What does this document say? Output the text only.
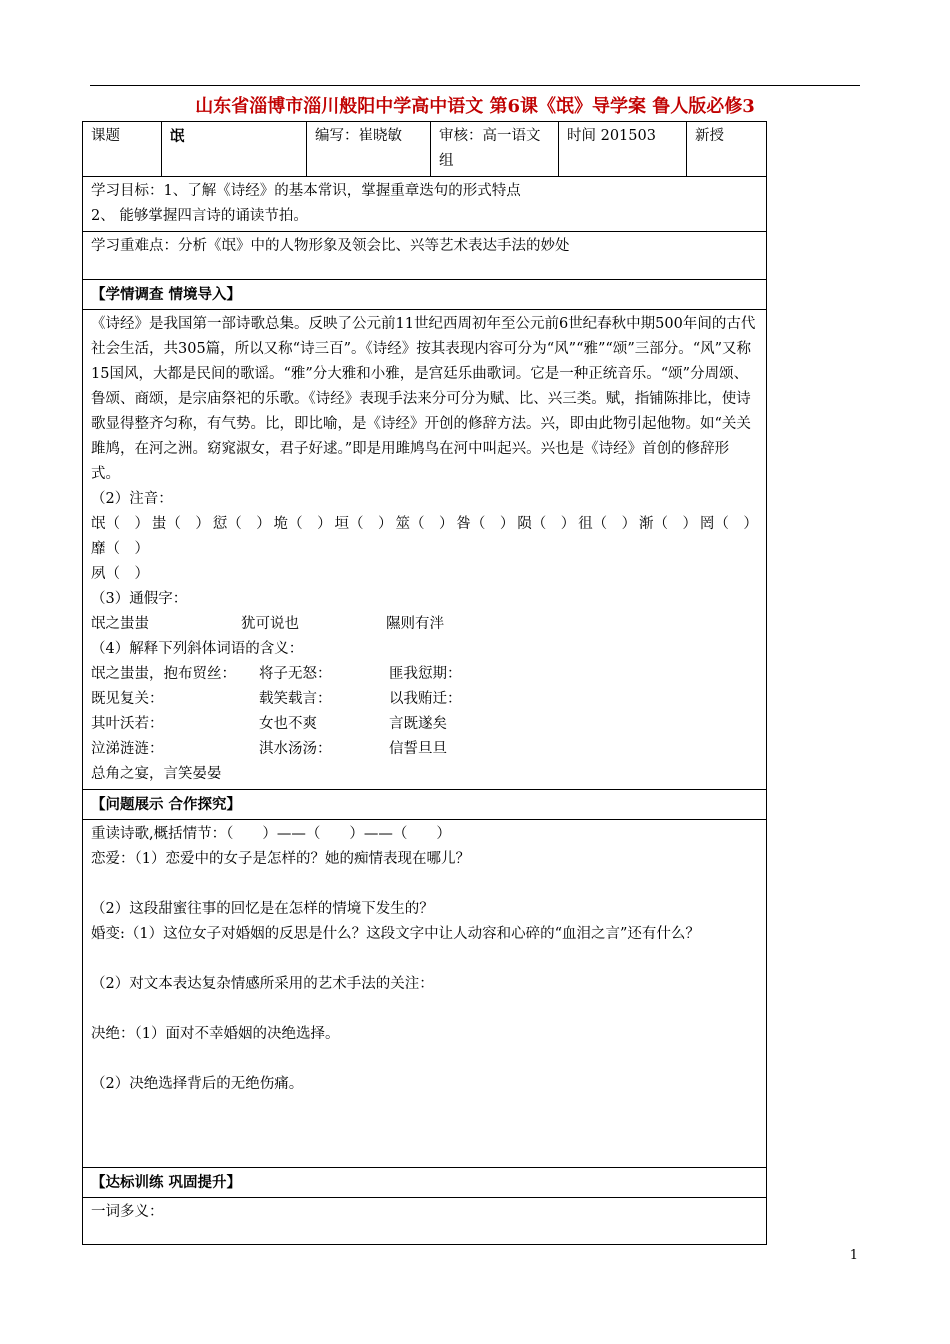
山东省淄博市淄川般阳中学高中语文 第6课《氓》导学案 鲁人版必修3
课题	氓	编写：崔晓敏	审核：高一语文组	时间 201503	新授

学习目标：1、了解《诗经》的基本常识，掌握重章迭句的形式特点
2、 能够掌握四言诗的诵读节拍。

学习重难点：分析《氓》中的人物形象及领会比、兴等艺术表达手法的妙处

【学情调查 情境导入】

《诗经》是我国第一部诗歌总集。反映了公元前11世纪西周初年至公元前6世纪春秋中期500年间的古代社会生活，共305篇，所以又称“诗三百”。《诗经》按其表现内容可分为“风”“雅”“颂”三部分。“风”又称15国风，大都是民间的歌谣。“雅”分大雅和小雅，是宫廷乐曲歌词。它是一种正统音乐。“颂”分周颂、鲁颂、商颂，是宗庙祭祀的乐歌。《诗经》表现手法来分可分为赋、比、兴三类。赋，指铺陈排比，使诗歌显得整齐匀称，有气势。比，即比喻，是《诗经》开创的修辞方法。兴，即由此物引起他物。如“关关雎鸠，在河之洲。窈窕淑女，君子好逑。”即是用雎鸠鸟在河中叫起兴。兴也是《诗经》首创的修辞形式。
（2）注音：
氓（　） 蚩（　） 愆（　） 垝（　） 垣（　） 筮（　） 咎（　） 陨（　） 徂（　） 渐（　） 罔（　）
靡（　）
夙（　）
（3）通假字：
氓之蚩蚩	犹可说也	隰则有泮
（4）解释下列斜体词语的含义：
氓之蚩蚩，抱布贸丝：	将子无怒：	匪我愆期：
既见复关：	载笑载言：	以我贿迁：
其叶沃若：	女也不爽	言既遂矣
泣涕涟涟：	淇水汤汤：	信誓旦旦
总角之宴，言笑晏晏

【问题展示 合作探究】

重读诗歌,概括情节：（　　）——（　　）——（　　）
恋爱：（1）恋爱中的女子是怎样的？她的痴情表现在哪儿？
（2）这段甜蜜往事的回忆是在怎样的情境下发生的？
婚变:（1）这位女子对婚姻的反思是什么？这段文字中让人动容和心碎的“血泪之言”还有什么？
（2）对文本表达复杂情感所采用的艺术手法的关注：
决绝：（1）面对不幸婚姻的决绝选择。
（2）决绝选择背后的无绝伤痛。

【达标训练 巩固提升】

一词多义：
1
